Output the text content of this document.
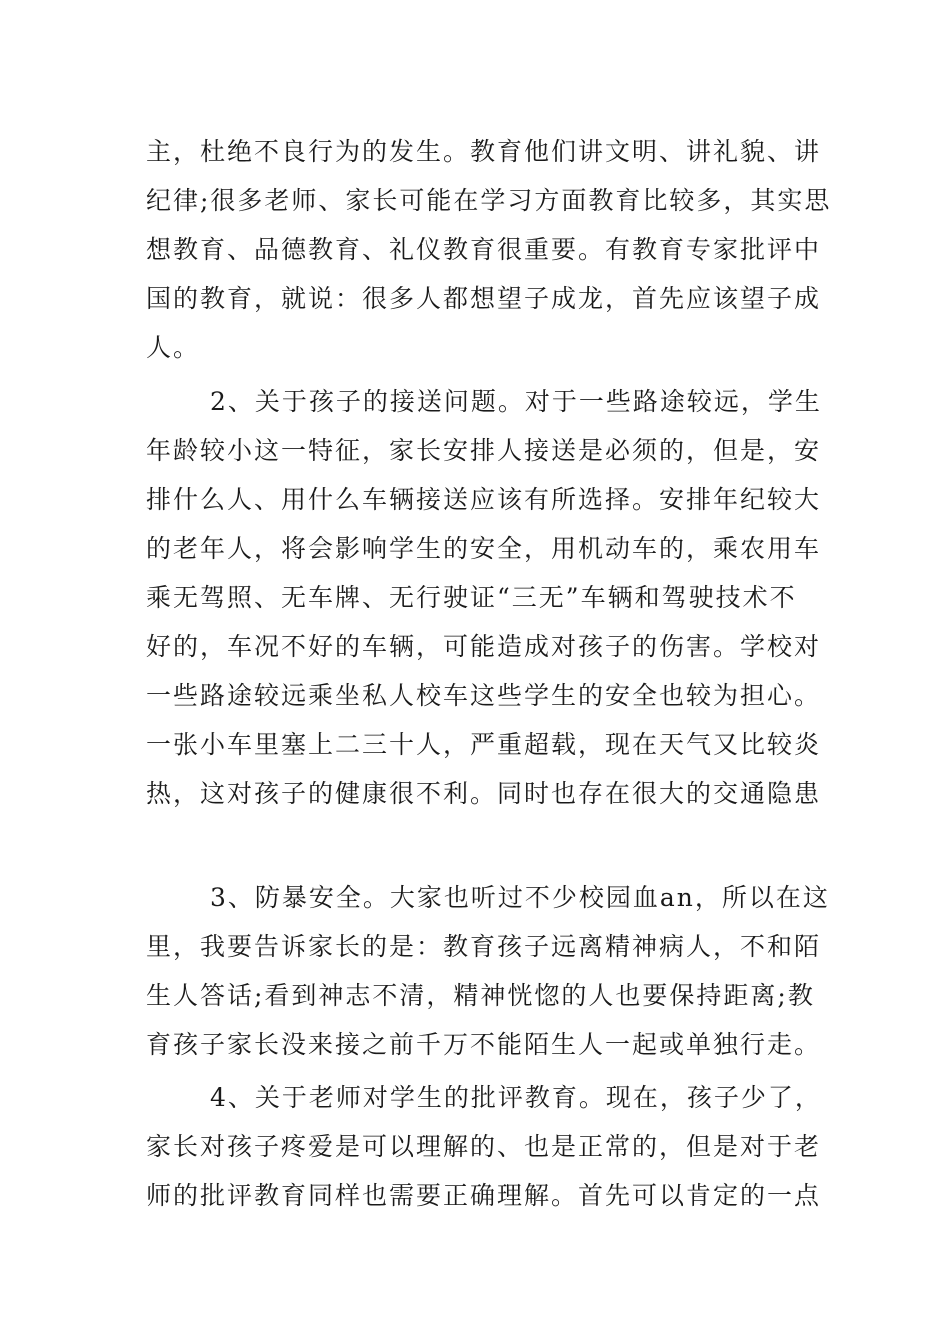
主，杜绝不良行为的发生。教育他们讲文明、讲礼貌、讲
纪律;很多老师、家长可能在学习方面教育比较多，其实思
想教育、品德教育、礼仪教育很重要。有教育专家批评中
国的教育，就说：很多人都想望子成龙，首先应该望子成
人。
2、关于孩子的接送问题。对于一些路途较远，学生
年龄较小这一特征，家长安排人接送是必须的，但是，安
排什么人、用什么车辆接送应该有所选择。安排年纪较大
的老年人，将会影响学生的安全，用机动车的，乘农用车
乘无驾照、无车牌、无行驶证“三无”车辆和驾驶技术不
好的，车况不好的车辆，可能造成对孩子的伤害。学校对
一些路途较远乘坐私人校车这些学生的安全也较为担心。
一张小车里塞上二三十人，严重超载，现在天气又比较炎
热，这对孩子的健康很不利。同时也存在很大的交通隐患
3、防暴安全。大家也听过不少校园血an，所以在这
里，我要告诉家长的是：教育孩子远离精神病人，不和陌
生人答话;看到神志不清，精神恍惚的人也要保持距离;教
育孩子家长没来接之前千万不能陌生人一起或单独行走。
4、关于老师对学生的批评教育。现在，孩子少了，
家长对孩子疼爱是可以理解的、也是正常的，但是对于老
师的批评教育同样也需要正确理解。首先可以肯定的一点
